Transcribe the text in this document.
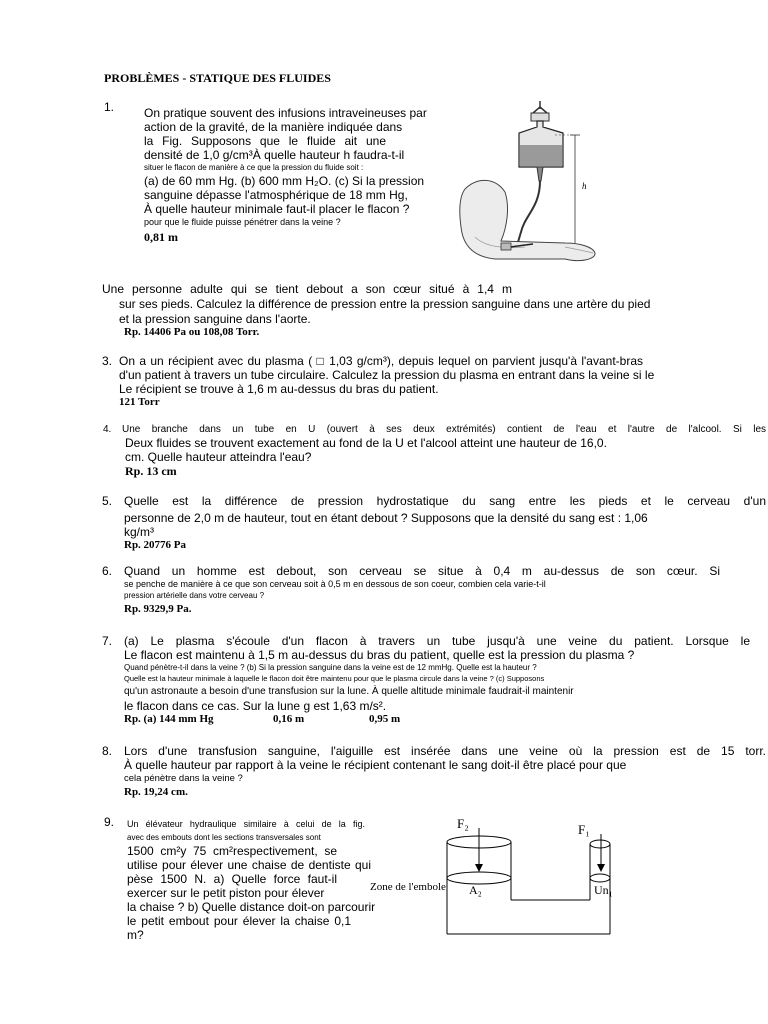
PROBLÈMES - STATIQUE DES FLUIDES
1. On pratique souvent des infusions intraveineuses par
action de la gravité, de la manière indiquée dans
la Fig. Supposons que le fluide ait une
densité de 1,0 g/cm³À quelle hauteur h faudra-t-il
situer le flacon de manière à ce que la pression du fluide soit :
(a) de 60 mm Hg. (b) 600 mm H₂O. (c) Si la pression
sanguine dépasse l'atmosphérique de 18 mm Hg,
À quelle hauteur minimale faut-il placer le flacon ?
pour que le fluide puisse pénétrer dans la veine ?
0,81 m
h
Une personne adulte qui se tient debout a son cœur situé à 1,4 m
sur ses pieds. Calculez la différence de pression entre la pression sanguine dans une artère du pied
et la pression sanguine dans l'aorte.
Rp. 14406 Pa ou 108,08 Torr.
3. On a un récipient avec du plasma ( □ 1,03 g/cm³), depuis lequel on parvient jusqu'à l'avant-bras
d'un patient à travers un tube circulaire. Calculez la pression du plasma en entrant dans la veine si le
Le récipient se trouve à 1,6 m au-dessus du bras du patient.
121 Torr
4. Une branche dans un tube en U (ouvert à ses deux extrémités) contient de l'eau et l'autre de l'alcool. Si les
Deux fluides se trouvent exactement au fond de la U et l'alcool atteint une hauteur de 16,0.
cm. Quelle hauteur atteindra l'eau?
Rp. 13 cm
5. Quelle est la différence de pression hydrostatique du sang entre les pieds et le cerveau d'un
personne de 2,0 m de hauteur, tout en étant debout ? Supposons que la densité du sang est : 1,06
kg/m³
Rp. 20776 Pa
6. Quand un homme est debout, son cerveau se situe à 0,4 m au-dessus de son cœur. Si
se penche de manière à ce que son cerveau soit à 0,5 m en dessous de son coeur, combien cela varie-t-il
pression artérielle dans votre cerveau ?
Rp. 9329,9 Pa.
7. (a) Le plasma s'écoule d'un flacon à travers un tube jusqu'à une veine du patient. Lorsque le
Le flacon est maintenu à 1,5 m au-dessus du bras du patient, quelle est la pression du plasma ?
Quand pénètre-t-il dans la veine ? (b) Si la pression sanguine dans la veine est de 12 mmHg. Quelle est la hauteur ?
Quelle est la hauteur minimale à laquelle le flacon doit être maintenu pour que le plasma circule dans la veine ? (c) Supposons
qu'un astronaute a besoin d'une transfusion sur la lune. À quelle altitude minimale faudrait-il maintenir
le flacon dans ce cas. Sur la lune g est 1,63 m/s².
Rp. (a) 144 mm Hg	0,16 m	0,95 m
8. Lors d'une transfusion sanguine, l'aiguille est insérée dans une veine où la pression est de 15 torr.
À quelle hauteur par rapport à la veine le récipient contenant le sang doit-il être placé pour que
cela pénètre dans la veine ?
Rp. 19,24 cm.
9. Un élévateur hydraulique similaire à celui de la fig.
avec des embouts dont les sections transversales sont
1500 cm²y 75 cm²respectivement, se
utilise pour élever une chaise de dentiste qui
pèse 1500 N. a) Quelle force faut-il
exercer sur le petit piston pour élever
la chaise ? b) Quelle distance doit-on parcourir
le petit embout pour élever la chaise 0,1
m?
F₂	F₁
Zone de l'embole A₂	Un₁
